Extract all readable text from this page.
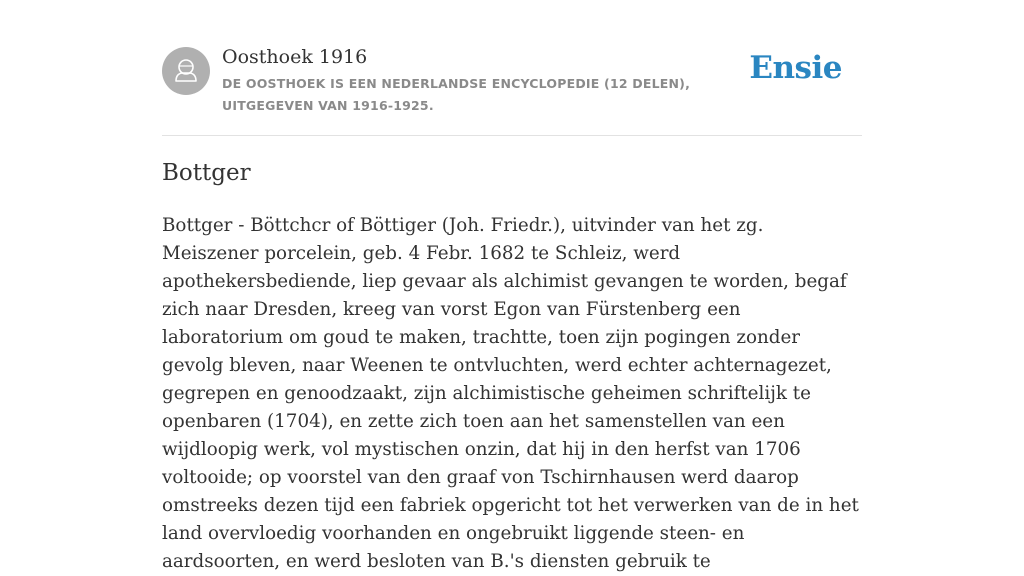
Oosthoek 1916
DE OOSTHOEK IS EEN NEDERLANDSE ENCYCLOPEDIE (12 DELEN), UITGEGEVEN VAN 1916-1925.
Ensie
Bottger

Bottger - Böttchcr of Böttiger (Joh. Friedr.), uitvinder van het zg. Meiszener porcelein, geb. 4 Febr. 1682 te Schleiz, werd apothekersbediende, liep gevaar als alchimist gevangen te worden, begaf zich naar Dresden, kreeg van vorst Egon van Fürstenberg een laboratorium om goud te maken, trachtte, toen zijn pogingen zonder gevolg bleven, naar Weenen te ontvluchten, werd echter achternagezet, gegrepen en genoodzaakt, zijn alchimistische geheimen schriftelijk te openbaren (1704), en zette zich toen aan het samenstellen van een wijdloopig werk, vol mystischen onzin, dat hij in den herfst van 1706 voltooide; op voorstel van den graaf von Tschirnhausen werd daarop omstreeks dezen tijd een fabriek opgericht tot het verwerken van de in het land overvloedig voorhanden en ongebruikt liggende steen- en aardsoorten, en werd besloten van B.'s diensten gebruik te
